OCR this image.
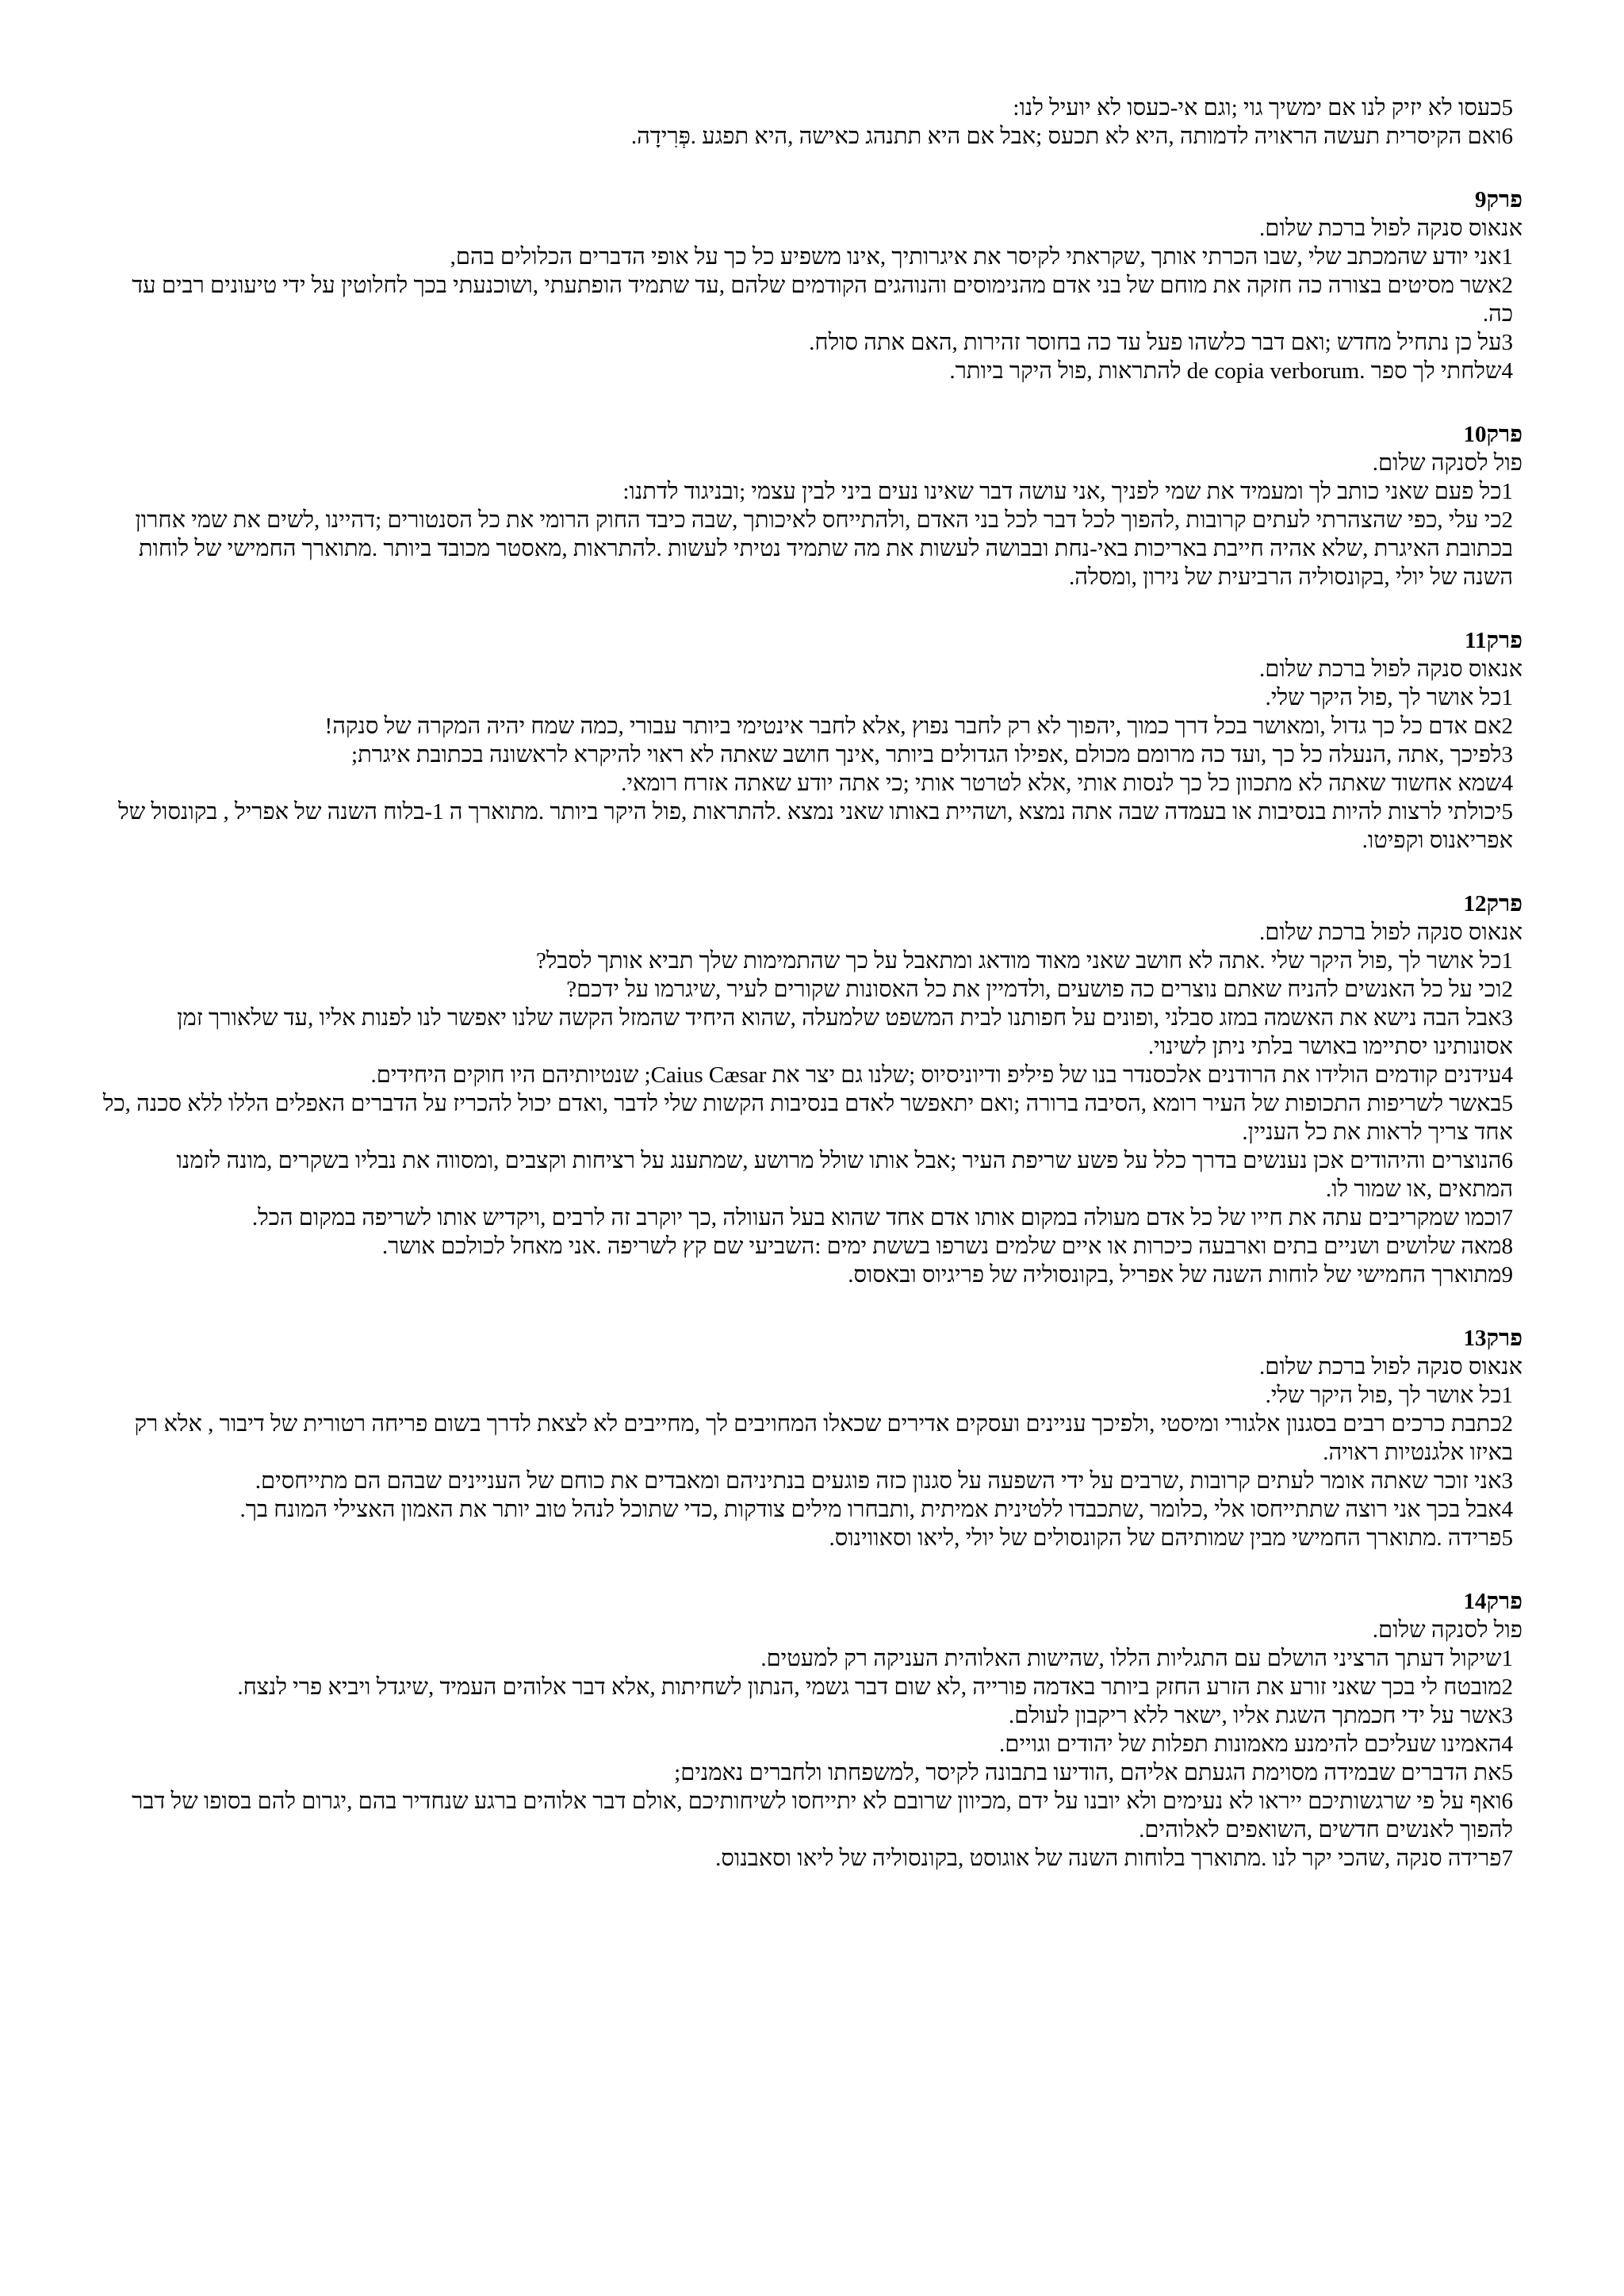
5כעסו לא יזיק לנו אם ימשיך גוי ;וגם אי-כעסו לא יועיל לנו:

6ואם הקיסרית תעשה הראויה לדמותה ,היא לא תכעס ;אבל אם היא תתנהג כאישה ,היא תפגע .פְּרִידָה.

פרק9

אנאוס סנקה לפול ברכת שלום.

1אני יודע שהמכתב שלי ,שבו הכרתי אותך ,שקראתי לקיסר את איגרותיך ,אינו משפיע כל כך על אופי הדברים הכלולים בהם,

2אשר מסיטים בצורה כה חזקה את מוחם של בני אדם מהנימוסים והנוהגים הקודמים שלהם ,עד שתמיד הופתעתי ,ושוכנעתי בכך לחלוטין על ידי טיעונים רבים עד כה.

3על כן נתחיל מחדש ;ואם דבר כלשהו פעל עד כה בחוסר זהירות ,האם אתה סולח.

4שלחתי לך ספר .de copia verborum להתראות ,פול היקר ביותר.

פרק10

פול לסנקה שלום.

1כל פעם שאני כותב לך ומעמיד את שמי לפניך ,אני עושה דבר שאינו נעים ביני לבין עצמי ;ובניגוד לדתנו:

2כי עלי ,כפי שהצהרתי לעתים קרובות ,להפוך לכל דבר לכל בני האדם ,ולהתייחס לאיכותך ,שבה כיבד החוק הרומי את כל הסנטורים ;דהיינו ,לשים את שמי אחרון בכתובת האיגרת ,שלא אהיה חייבת באריכות באי-נחת ובבושה לעשות את מה שתמיד נטיתי לעשות .להתראות ,מאסטר מכובד ביותר .מתוארך החמישי של לוחות השנה של יולי ,בקונסוליה הרביעית של נירון ,ומסלה.

פרק11

אנאוס סנקה לפול ברכת שלום.

1כל אושר לך ,פול היקר שלי.

2אם אדם כל כך גדול ,ומאושר בכל דרך כמוך ,יהפוך לא רק לחבר נפוץ ,אלא לחבר אינטימי ביותר עבורי ,כמה שמח יהיה המקרה של סנקה!

3לפיכך ,אתה ,הנעלה כל כך ,ועד כה מרומם מכולם ,אפילו הגדולים ביותר ,אינך חושב שאתה לא ראוי להיקרא לראשונה בכתובת איגרת;

4שמא אחשוד שאתה לא מתכוון כל כך לנסות אותי ,אלא לטרטר אותי ;כי אתה יודע שאתה אזרח רומאי.

5יכולתי לרצות להיות בנסיבות או בעמדה שבה אתה נמצא ,ושהיית באותו שאני נמצא .להתראות ,פול היקר ביותר .מתוארך ה 1-בלוח השנה של אפריל , בקונסול של אפריאנוס וקפיטו.

פרק12

אנאוס סנקה לפול ברכת שלום.

1כל אושר לך ,פול היקר שלי .אתה לא חושב שאני מאוד מודאג ומתאבל על כך שהתמימות שלך תביא אותך לסבל?

2וכי על כל האנשים להניח שאתם נוצרים כה פושעים ,ולדמיין את כל האסונות שקורים לעיר ,שיגרמו על ידכם?

3אבל הבה נישא את האשמה במזג סבלני ,ופונים על חפותנו לבית המשפט שלמעלה ,שהוא היחיד שהמזל הקשה שלנו יאפשר לנו לפנות אליו ,עד שלאורך זמן אסונותינו יסתיימו באושר בלתי ניתן לשינוי.

4עידנים קודמים הולידו את הרודנים אלכסנדר בנו של פיליפ ודיוניסיוס ;שלנו גם יצר את Caius Cæsar; שנטיותיהם היו חוקים היחידים.

5באשר לשריפות התכופות של העיר רומא ,הסיבה ברורה ;ואם יתאפשר לאדם בנסיבות הקשות שלי לדבר ,ואדם יכול להכריז על הדברים האפלים הללו ללא סכנה ,כל אחד צריך לראות את כל העניין.

6הנוצרים והיהודים אכן נענשים בדרך כלל על פשע שריפת העיר ;אבל אותו שולל מרושע ,שמתענג על רציחות וקצבים ,ומסווה את נבליו בשקרים ,מונה לזמנו המתאים ,או שמור לו.

7וכמו שמקריבים עתה את חייו של כל אדם מעולה במקום אותו אדם אחד שהוא בעל העוולה ,כך יוקרב זה לרבים ,ויקדיש אותו לשריפה במקום הכל.

8מאה שלושים ושניים בתים וארבעה כיכרות או איים שלמים נשרפו בששת ימים :השביעי שם קץ לשריפה .אני מאחל לכולכם אושר.

9מתוארך החמישי של לוחות השנה של אפריל ,בקונסוליה של פריגיוס ובאסוס.

פרק13

אנאוס סנקה לפול ברכת שלום.

1כל אושר לך ,פול היקר שלי.

2כתבת כרכים רבים בסגנון אלגורי ומיסטי ,ולפיכך עניינים ועסקים אדירים שכאלו המחויבים לך ,מחייבים לא לצאת לדרך בשום פריחה רטורית של דיבור , אלא רק באיזו אלגנטיות ראויה.

3אני זוכר שאתה אומר לעתים קרובות ,שרבים על ידי השפעה על סגנון כזה פוגעים בנתיניהם ומאבדים את כוחם של העניינים שבהם הם מתייחסים.

4אבל בכך אני רוצה שתתייחסו אלי ,כלומר ,שתכבדו ללטינית אמיתית ,ותבחרו מילים צודקות ,כדי שתוכל לנהל טוב יותר את האמון האצילי המונח בך.

5פרידה .מתוארך החמישי מבין שמותיהם של הקונסולים של יולי ,ליאו וסאווינוס.

פרק14

פול לסנקה שלום.

1שיקול דעתך הרציני הושלם עם התגליות הללו ,שהישות האלוהית העניקה רק למעטים.

2מובטח לי בכך שאני זורע את הזרע החזק ביותר באדמה פורייה ,לא שום דבר גשמי ,הנתון לשחיתות ,אלא דבר אלוהים העמיד ,שיגדל ויביא פרי לנצח.

3אשר על ידי חכמתך השגת אליו ,ישאר ללא ריקבון לעולם.

4האמינו שעליכם להימנע מאמונות תפלות של יהודים וגויים.

5את הדברים שבמידה מסוימת הגעתם אליהם ,הודיעו בתבונה לקיסר ,למשפחתו ולחברים נאמנים;

6ואף על פי שרגשותיכם ייראו לא נעימים ולא יובנו על ידם ,מכיוון שרובם לא יתייחסו לשיחותיכם ,אולם דבר אלוהים ברגע שנחדיר בהם ,יגרום להם בסופו של דבר להפוך לאנשים חדשים ,השואפים לאלוהים.

7פרידה סנקה ,שהכי יקר לנו .מתוארך בלוחות השנה של אוגוסט ,בקונסוליה של ליאו וסאבנוס.
